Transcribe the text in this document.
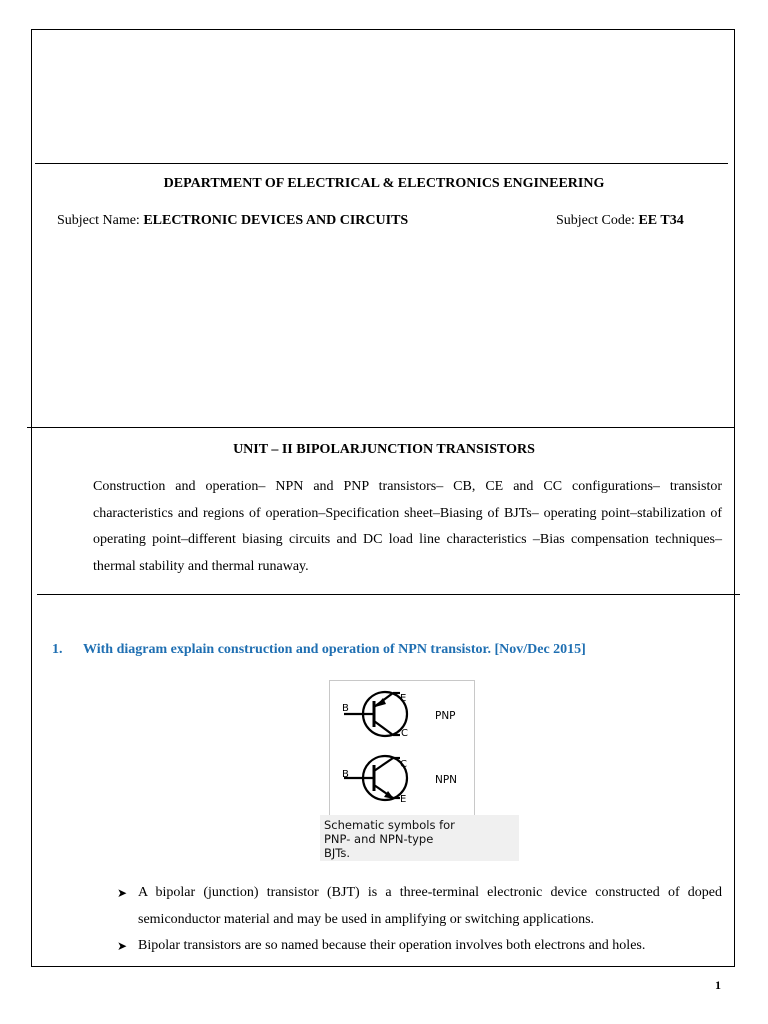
DEPARTMENT OF ELECTRICAL & ELECTRONICS ENGINEERING
Subject Name: ELECTRONIC DEVICES AND CIRCUITS	Subject Code: EE T34
UNIT – II BIPOLARJUNCTION TRANSISTORS

Construction and operation– NPN and PNP transistors– CB, CE and CC configurations– transistor characteristics and regions of operation–Specification sheet–Biasing of BJTs– operating point–stabilization of operating point–different biasing circuits and DC load line characteristics –Bias compensation techniques–thermal stability and thermal runaway.

1. With diagram explain construction and operation of NPN transistor. [Nov/Dec 2015]
B
E
C
PNP
B
C
E
NPN
Schematic symbols for
PNP- and NPN-type
BJTs.
➤ A bipolar (junction) transistor (BJT) is a three-terminal electronic device constructed of doped semiconductor material and may be used in amplifying or switching applications.
➤ Bipolar transistors are so named because their operation involves both electrons and holes.
1
